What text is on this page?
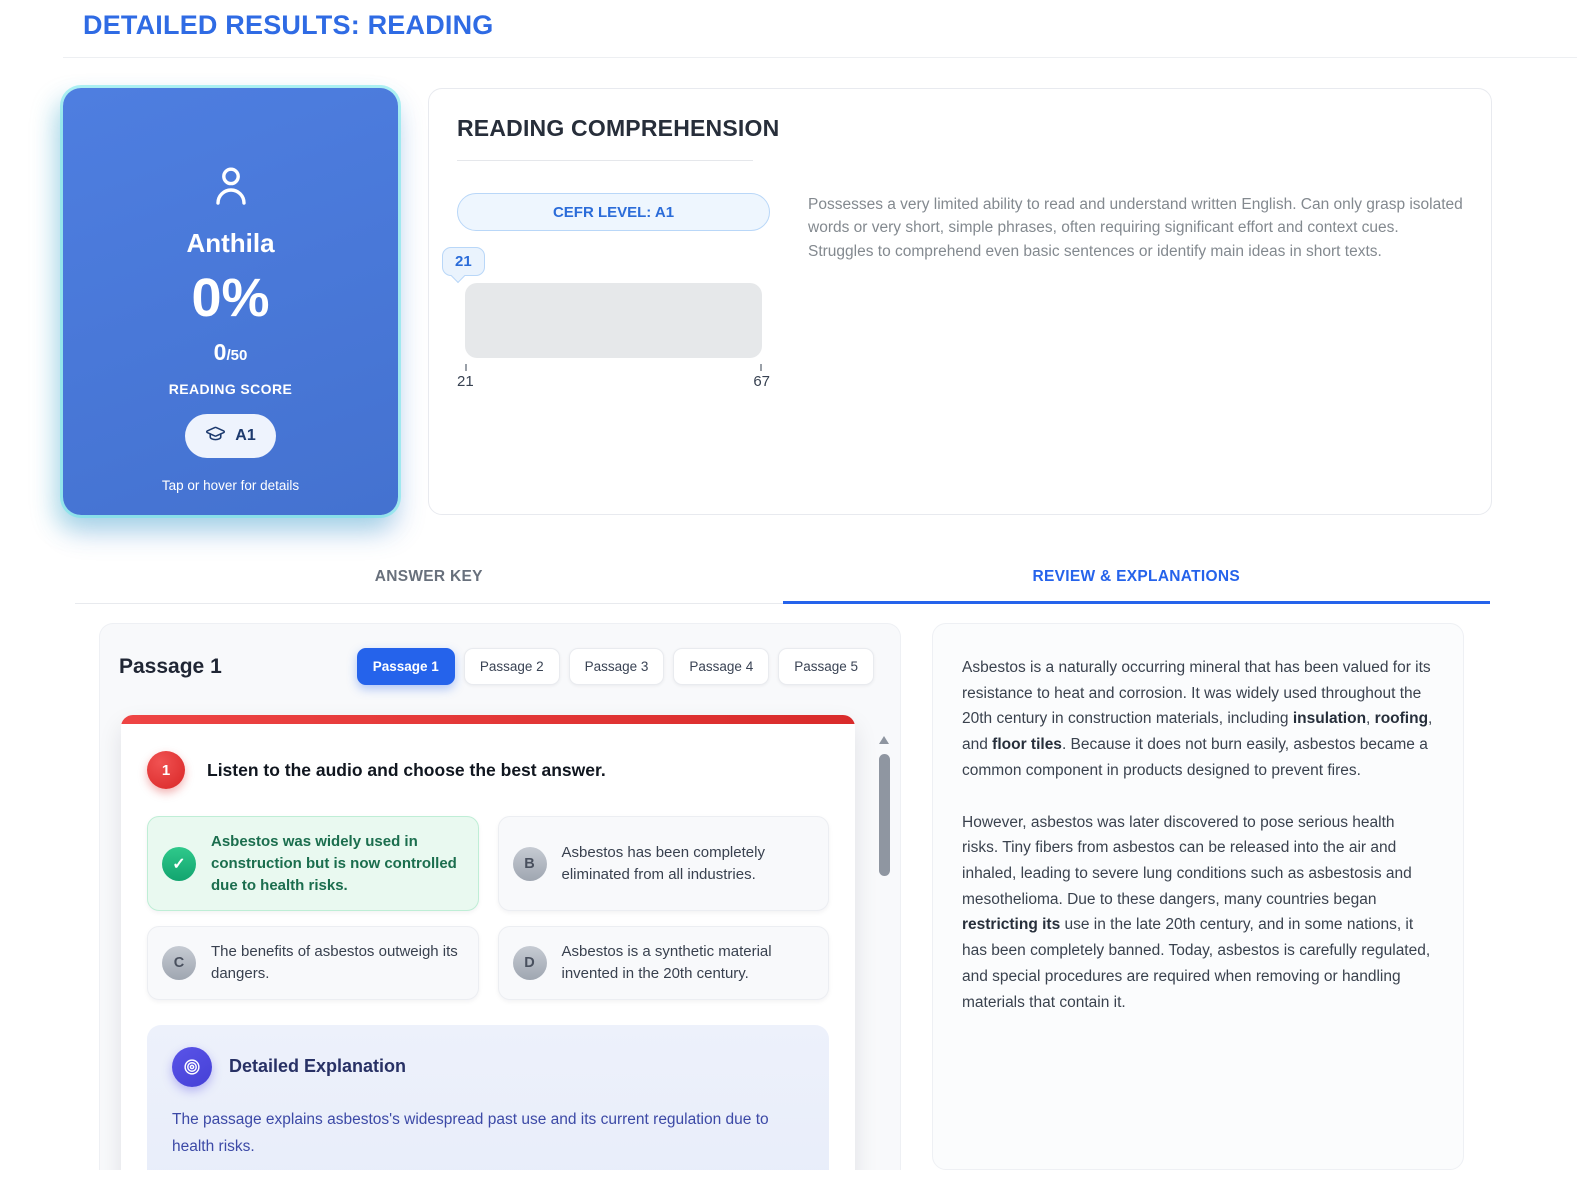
DETAILED RESULTS: READING
Anthila
0%
0/50
READING SCORE
A1
Tap or hover for details
READING COMPREHENSION
CEFR LEVEL: A1
21
21	67

Possesses a very limited ability to read and understand written English. Can only grasp isolated words or very short, simple phrases, often requiring significant effort and context cues. Struggles to comprehend even basic sentences or identify main ideas in short texts.

ANSWER KEY	REVIEW & EXPLANATIONS
Passage 1	Passage 1	Passage 2	Passage 3	Passage 4	Passage 5
1	Listen to the audio and choose the best answer.
✓
Asbestos was widely used in construction but is now controlled due to health risks.
B
Asbestos has been completely eliminated from all industries.
C
The benefits of asbestos outweigh its dangers.
D
Asbestos is a synthetic material invented in the 20th century.
Detailed Explanation

The passage explains asbestos's widespread past use and its current regulation due to health risks.

Asbestos is a naturally occurring mineral that has been valued for its resistance to heat and corrosion. It was widely used throughout the 20th century in construction materials, including insulation, roofing, and floor tiles. Because it does not burn easily, asbestos became a common component in products designed to prevent fires.

However, asbestos was later discovered to pose serious health risks. Tiny fibers from asbestos can be released into the air and inhaled, leading to severe lung conditions such as asbestosis and mesothelioma. Due to these dangers, many countries began restricting its use in the late 20th century, and in some nations, it has been completely banned. Today, asbestos is carefully regulated, and special procedures are required when removing or handling materials that contain it.
